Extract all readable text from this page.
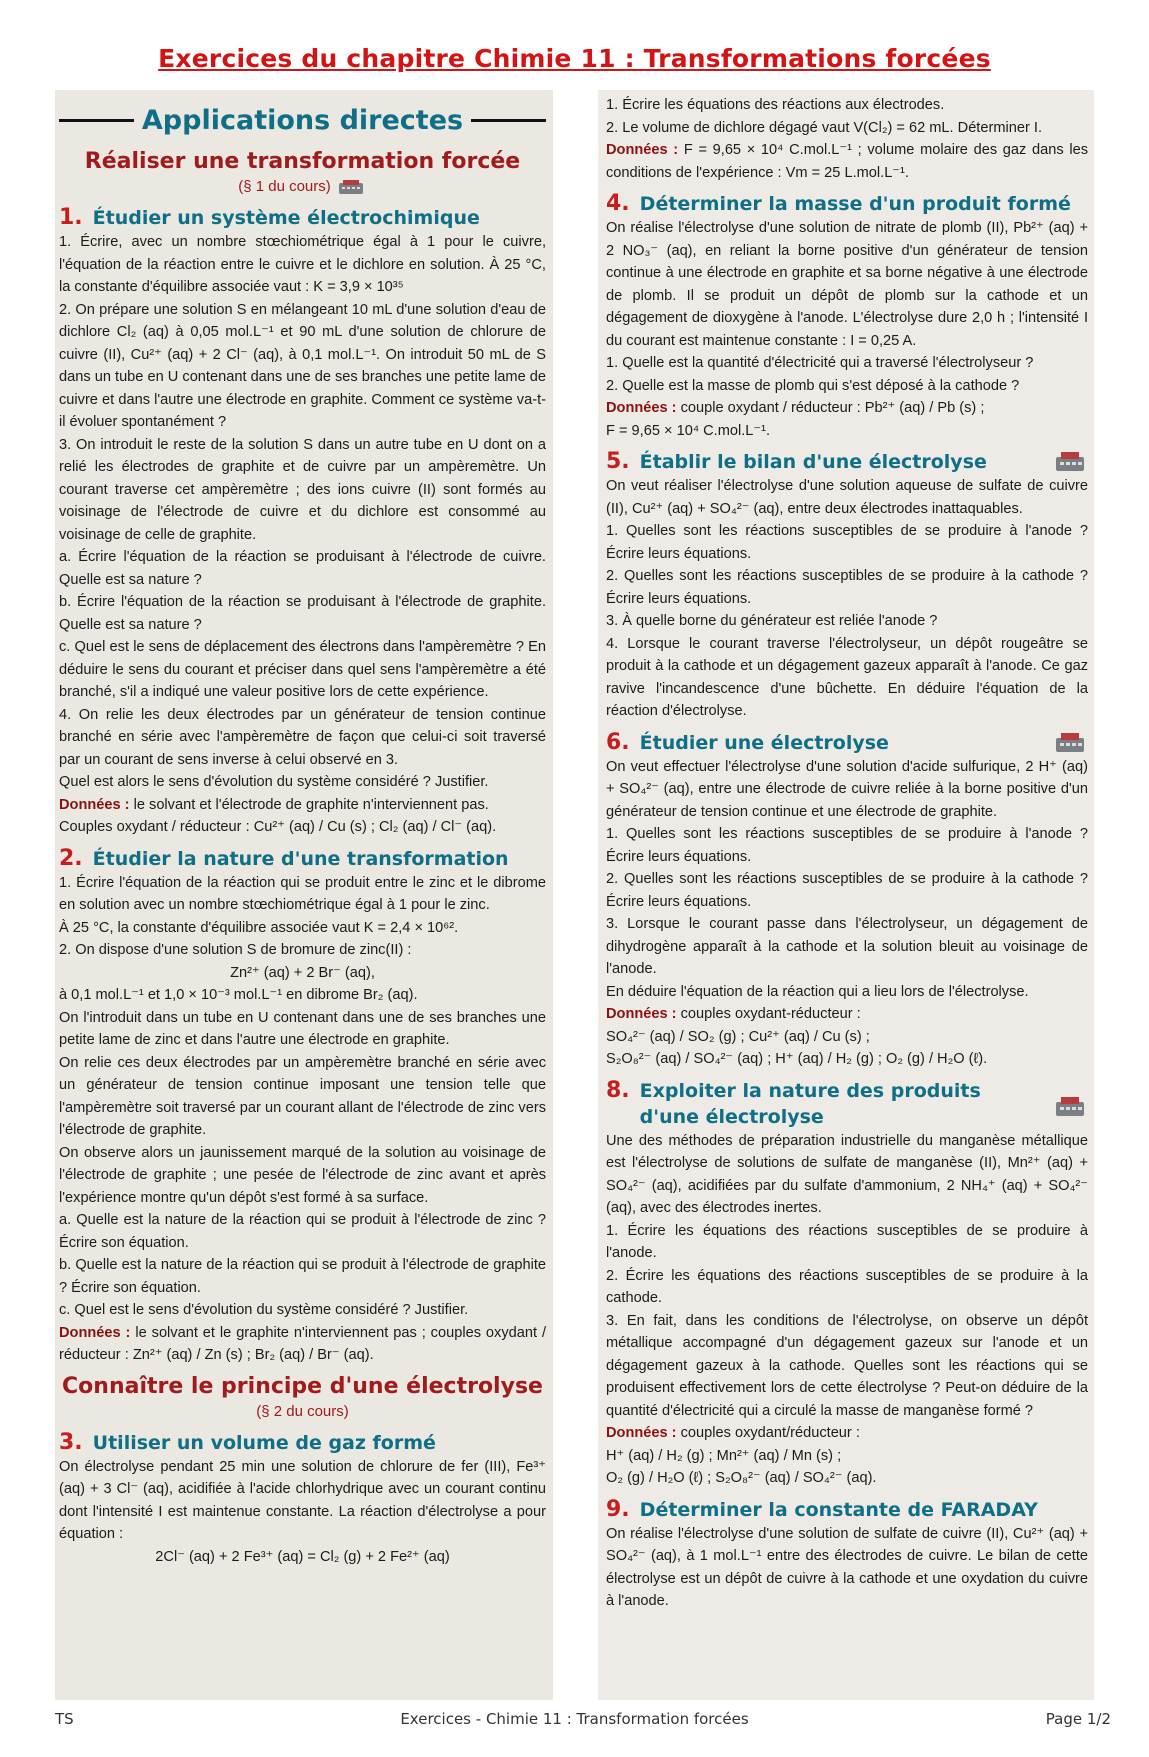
Exercices du chapitre Chimie 11 : Transformations forcées
Applications directes
Réaliser une transformation forcée
(§ 1 du cours)
1. Étudier un système électrochimique

1. Écrire, avec un nombre stœchiométrique égal à 1 pour le cuivre, l'équation de la réaction entre le cuivre et le dichlore en solution. À 25 °C, la constante d'équilibre associée vaut : K = 3,9 × 10³⁵

2. On prépare une solution S en mélangeant 10 mL d'une solution d'eau de dichlore Cl₂ (aq) à 0,05 mol.L⁻¹ et 90 mL d'une solution de chlorure de cuivre (II), Cu²⁺ (aq) + 2 Cl⁻ (aq), à 0,1 mol.L⁻¹. On introduit 50 mL de S dans un tube en U contenant dans une de ses branches une petite lame de cuivre et dans l'autre une électrode en graphite. Comment ce système va-t-il évoluer spontanément ?

3. On introduit le reste de la solution S dans un autre tube en U dont on a relié les électrodes de graphite et de cuivre par un ampèremètre. Un courant traverse cet ampèremètre ; des ions cuivre (II) sont formés au voisinage de l'électrode de cuivre et du dichlore est consommé au voisinage de celle de graphite.

a. Écrire l'équation de la réaction se produisant à l'électrode de cuivre. Quelle est sa nature ?

b. Écrire l'équation de la réaction se produisant à l'électrode de graphite. Quelle est sa nature ?

c. Quel est le sens de déplacement des électrons dans l'ampèremètre ? En déduire le sens du courant et préciser dans quel sens l'ampèremètre a été branché, s'il a indiqué une valeur positive lors de cette expérience.

4. On relie les deux électrodes par un générateur de tension continue branché en série avec l'ampèremètre de façon que celui-ci soit traversé par un courant de sens inverse à celui observé en 3.

Quel est alors le sens d'évolution du système considéré ? Justifier.

Données : le solvant et l'électrode de graphite n'interviennent pas.

Couples oxydant / réducteur : Cu²⁺ (aq) / Cu (s) ; Cl₂ (aq) / Cl⁻ (aq).

2. Étudier la nature d'une transformation

1. Écrire l'équation de la réaction qui se produit entre le zinc et le dibrome en solution avec un nombre stœchiométrique égal à 1 pour le zinc.

À 25 °C, la constante d'équilibre associée vaut K = 2,4 × 10⁶².

2. On dispose d'une solution S de bromure de zinc(II) :

Zn²⁺ (aq) + 2 Br⁻ (aq),

à 0,1 mol.L⁻¹ et 1,0 × 10⁻³ mol.L⁻¹ en dibrome Br₂ (aq).

On l'introduit dans un tube en U contenant dans une de ses branches une petite lame de zinc et dans l'autre une électrode en graphite.

On relie ces deux électrodes par un ampèremètre branché en série avec un générateur de tension continue imposant une tension telle que l'ampèremètre soit traversé par un courant allant de l'électrode de zinc vers l'électrode de graphite.

On observe alors un jaunissement marqué de la solution au voisinage de l'électrode de graphite ; une pesée de l'électrode de zinc avant et après l'expérience montre qu'un dépôt s'est formé à sa surface.

a. Quelle est la nature de la réaction qui se produit à l'électrode de zinc ? Écrire son équation.

b. Quelle est la nature de la réaction qui se produit à l'électrode de graphite ? Écrire son équation.

c. Quel est le sens d'évolution du système considéré ? Justifier.

Données : le solvant et le graphite n'interviennent pas ; couples oxydant / réducteur : Zn²⁺ (aq) / Zn (s) ; Br₂ (aq) / Br⁻ (aq).

Connaître le principe d'une électrolyse
(§ 2 du cours)
3. Utiliser un volume de gaz formé

On électrolyse pendant 25 min une solution de chlorure de fer (III), Fe³⁺ (aq) + 3 Cl⁻ (aq), acidifiée à l'acide chlorhydrique avec un courant continu dont l'intensité I est maintenue constante. La réaction d'électrolyse a pour équation :

2Cl⁻ (aq) + 2 Fe³⁺ (aq) = Cl₂ (g) + 2 Fe²⁺ (aq)

1. Écrire les équations des réactions aux électrodes.

2. Le volume de dichlore dégagé vaut V(Cl₂) = 62 mL. Déterminer I.

Données : F = 9,65 × 10⁴ C.mol.L⁻¹ ; volume molaire des gaz dans les conditions de l'expérience : Vm = 25 L.mol.L⁻¹.

4. Déterminer la masse d'un produit formé

On réalise l'électrolyse d'une solution de nitrate de plomb (II), Pb²⁺ (aq) + 2 NO₃⁻ (aq), en reliant la borne positive d'un générateur de tension continue à une électrode en graphite et sa borne négative à une électrode de plomb. Il se produit un dépôt de plomb sur la cathode et un dégagement de dioxygène à l'anode. L'électrolyse dure 2,0 h ; l'intensité I du courant est maintenue constante : I = 0,25 A.

1. Quelle est la quantité d'électricité qui a traversé l'électrolyseur ?

2. Quelle est la masse de plomb qui s'est déposé à la cathode ?

Données : couple oxydant / réducteur : Pb²⁺ (aq) / Pb (s) ;

F = 9,65 × 10⁴ C.mol.L⁻¹.

5. Établir le bilan d'une électrolyse

On veut réaliser l'électrolyse d'une solution aqueuse de sulfate de cuivre (II), Cu²⁺ (aq) + SO₄²⁻ (aq), entre deux électrodes inattaquables.

1. Quelles sont les réactions susceptibles de se produire à l'anode ? Écrire leurs équations.

2. Quelles sont les réactions susceptibles de se produire à la cathode ? Écrire leurs équations.

3. À quelle borne du générateur est reliée l'anode ?

4. Lorsque le courant traverse l'électrolyseur, un dépôt rougeâtre se produit à la cathode et un dégagement gazeux apparaît à l'anode. Ce gaz ravive l'incandescence d'une bûchette. En déduire l'équation de la réaction d'électrolyse.

6. Étudier une électrolyse

On veut effectuer l'électrolyse d'une solution d'acide sulfurique, 2 H⁺ (aq) + SO₄²⁻ (aq), entre une électrode de cuivre reliée à la borne positive d'un générateur de tension continue et une électrode de graphite.

1. Quelles sont les réactions susceptibles de se produire à l'anode ? Écrire leurs équations.

2. Quelles sont les réactions susceptibles de se produire à la cathode ? Écrire leurs équations.

3. Lorsque le courant passe dans l'électrolyseur, un dégagement de dihydrogène apparaît à la cathode et la solution bleuit au voisinage de l'anode.

En déduire l'équation de la réaction qui a lieu lors de l'électrolyse.

Données : couples oxydant-réducteur :

SO₄²⁻ (aq) / SO₂ (g) ; Cu²⁺ (aq) / Cu (s) ;

S₂O₈²⁻ (aq) / SO₄²⁻ (aq) ; H⁺ (aq) / H₂ (g) ; O₂ (g) / H₂O (ℓ).

8. Exploiter la nature des produits
d'une électrolyse

Une des méthodes de préparation industrielle du manganèse métallique est l'électrolyse de solutions de sulfate de manganèse (II), Mn²⁺ (aq) + SO₄²⁻ (aq), acidifiées par du sulfate d'ammonium, 2 NH₄⁺ (aq) + SO₄²⁻ (aq), avec des électrodes inertes.

1. Écrire les équations des réactions susceptibles de se produire à l'anode.

2. Écrire les équations des réactions susceptibles de se produire à la cathode.

3. En fait, dans les conditions de l'électrolyse, on observe un dépôt métallique accompagné d'un dégagement gazeux sur l'anode et un dégagement gazeux à la cathode. Quelles sont les réactions qui se produisent effectivement lors de cette électrolyse ? Peut-on déduire de la quantité d'électricité qui a circulé la masse de manganèse formé ?

Données : couples oxydant/réducteur :

H⁺ (aq) / H₂ (g) ; Mn²⁺ (aq) / Mn (s) ;

O₂ (g) / H₂O (ℓ) ; S₂O₈²⁻ (aq) / SO₄²⁻ (aq).

9. Déterminer la constante de FARADAY

On réalise l'électrolyse d'une solution de sulfate de cuivre (II), Cu²⁺ (aq) + SO₄²⁻ (aq), à 1 mol.L⁻¹ entre des électrodes de cuivre. Le bilan de cette électrolyse est un dépôt de cuivre à la cathode et une oxydation du cuivre à l'anode.

TS	Exercices - Chimie 11 : Transformation forcées	Page 1/2
